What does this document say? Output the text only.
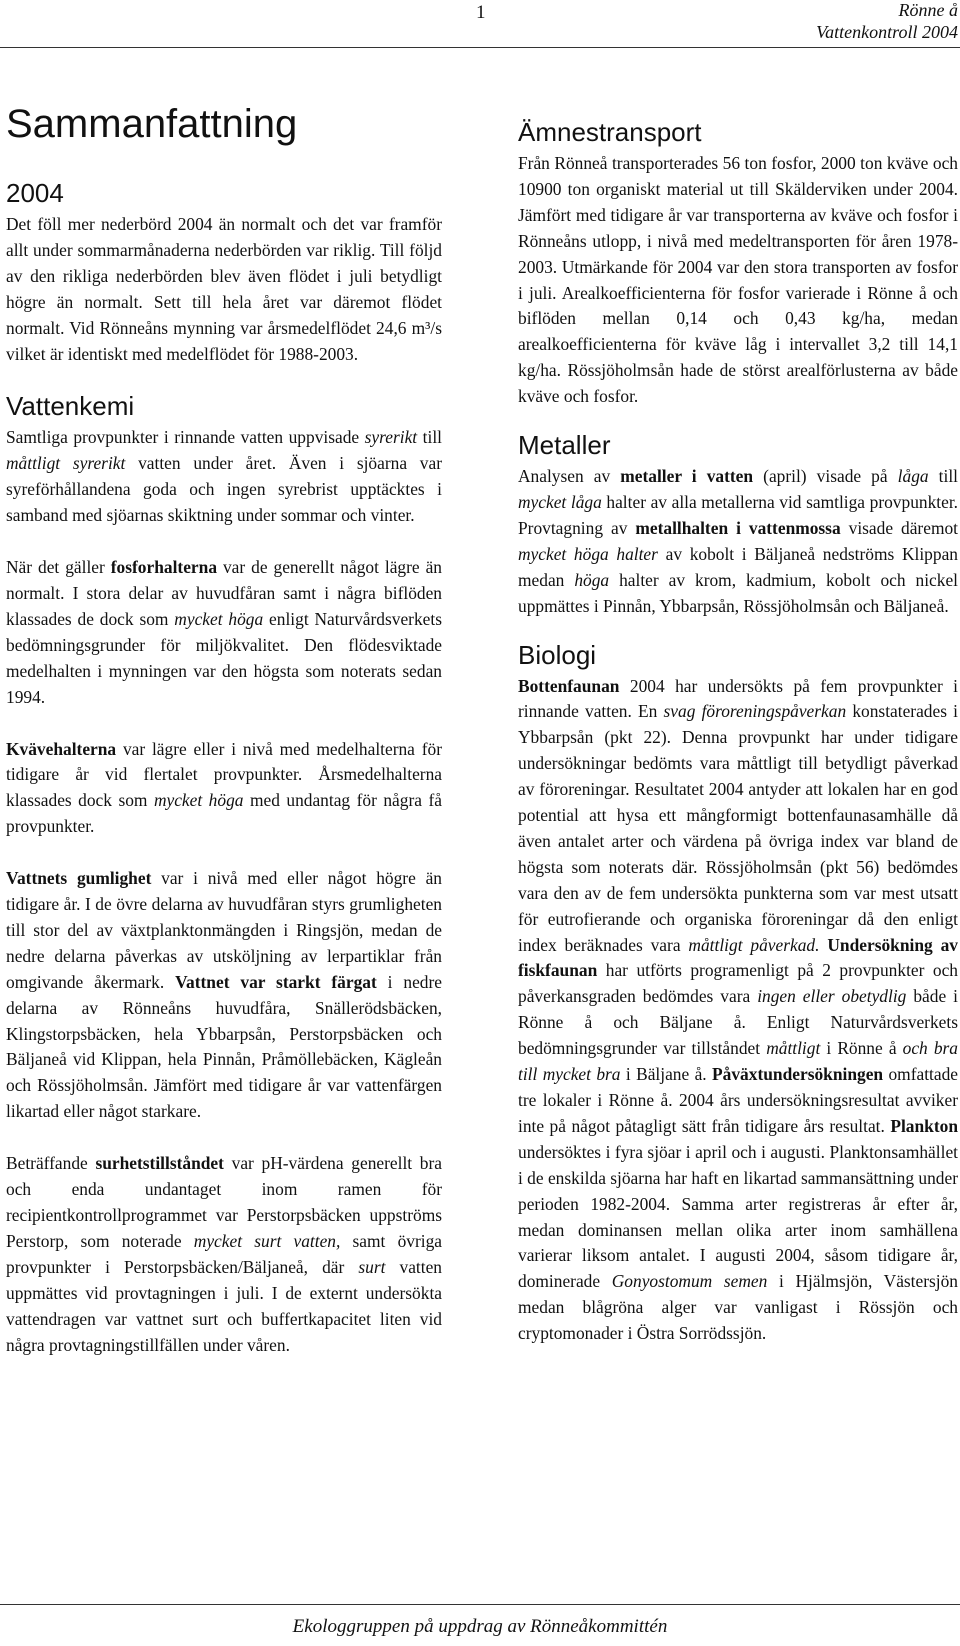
1	Rönne å
Vattenkontroll 2004
Sammanfattning
2004

Det föll mer nederbörd 2004 än normalt och det var framför allt under sommarmånaderna nederbörden var riklig. Till följd av den rikliga nederbörden blev även flödet i juli betydligt högre än normalt. Sett till hela året var däremot flödet normalt. Vid Rönneåns mynning var årsmedelflödet 24,6 m³/s vilket är identiskt med medelflödet för 1988-2003.

Vattenkemi

Samtliga provpunkter i rinnande vatten uppvisade syrerikt till måttligt syrerikt vatten under året. Även i sjöarna var syreförhållandena goda och ingen syrebrist upptäcktes i samband med sjöarnas skiktning under sommar och vinter.

När det gäller fosforhalterna var de generellt något lägre än normalt. I stora delar av huvudfåran samt i några biflöden klassades de dock som mycket höga enligt Naturvårdsverkets bedömningsgrunder för miljökvalitet. Den flödesviktade medelhalten i mynningen var den högsta som noterats sedan 1994.

Kvävehalterna var lägre eller i nivå med medelhalterna för tidigare år vid flertalet provpunkter. Årsmedelhalterna klassades dock som mycket höga med undantag för några få provpunkter.

Vattnets gumlighet var i nivå med eller något högre än tidigare år. I de övre delarna av huvudfåran styrs grumligheten till stor del av växtplanktonmängden i Ringsjön, medan de nedre delarna påverkas av utsköljning av lerpartiklar från omgivande åkermark. Vattnet var starkt färgat i nedre delarna av Rönneåns huvudfåra, Snällerödsbäcken, Klingstorpsbäcken, hela Ybbarpsån, Perstorpsbäcken och Bäljaneå vid Klippan, hela Pinnån, Pråmöllebäcken, Kägleån och Rössjöholmsån. Jämfört med tidigare år var vattenfärgen likartad eller något starkare.

Beträffande surhetstillståndet var pH-värdena generellt bra och enda undantaget inom ramen för recipientkontrollprogrammet var Perstorpsbäcken uppströms Perstorp, som noterade mycket surt vatten, samt övriga provpunkter i Perstorpsbäcken/Bäljaneå, där surt vatten uppmättes vid provtagningen i juli. I de externt undersökta vattendragen var vattnet surt och buffertkapacitet liten vid några provtagningstillfällen under våren.

Ämnestransport

Från Rönneå transporterades 56 ton fosfor, 2000 ton kväve och 10900 ton organiskt material ut till Skälderviken under 2004. Jämfört med tidigare år var transporterna av kväve och fosfor i Rönneåns utlopp, i nivå med medeltransporten för åren 1978-2003. Utmärkande för 2004 var den stora transporten av fosfor i juli. Arealkoefficienterna för fosfor varierade i Rönne å och biflöden mellan 0,14 och 0,43 kg/ha, medan arealkoefficienterna för kväve låg i intervallet 3,2 till 14,1 kg/ha. Rössjöholmsån hade de störst arealförlusterna av både kväve och fosfor.

Metaller

Analysen av metaller i vatten (april) visade på låga till mycket låga halter av alla metallerna vid samtliga provpunkter. Provtagning av metallhalten i vattenmossa visade däremot mycket höga halter av kobolt i Bäljaneå nedströms Klippan medan höga halter av krom, kadmium, kobolt och nickel uppmättes i Pinnån, Ybbarpsån, Rössjöholmsån och Bäljaneå.

Biologi

Bottenfaunan 2004 har undersökts på fem provpunkter i rinnande vatten. En svag föroreningspåverkan konstaterades i Ybbarpsån (pkt 22). Denna provpunkt har under tidigare undersökningar bedömts vara måttligt till betydligt påverkad av föroreningar. Resultatet 2004 antyder att lokalen har en god potential att hysa ett mångformigt bottenfaunasamhälle då även antalet arter och värdena på övriga index var bland de högsta som noterats där. Rössjöholmsån (pkt 56) bedömdes vara den av de fem undersökta punkterna som var mest utsatt för eutrofierande och organiska föroreningar då den enligt index beräknades vara måttligt påverkad. Undersökning av fiskfaunan har utförts programenligt på 2 provpunkter och påverkansgraden bedömdes vara ingen eller obetydlig både i Rönne å och Bäljane å. Enligt Naturvårdsverkets bedömningsgrunder var tillståndet måttligt i Rönne å och bra till mycket bra i Bäljane å. Påväxtundersökningen omfattade tre lokaler i Rönne å. 2004 års undersökningsresultat avviker inte på något påtagligt sätt från tidigare års resultat. Plankton undersöktes i fyra sjöar i april och i augusti. Planktonsamhället i de enskilda sjöarna har haft en likartad sammansättning under perioden 1982-2004. Samma arter registreras år efter år, medan dominansen mellan olika arter inom samhällena varierar liksom antalet. I augusti 2004, såsom tidigare år, dominerade Gonyostomum semen i Hjälmsjön, Västersjön medan blågröna alger var vanligast i Rössjön och cryptomonader i Östra Sorrödssjön.

Ekologgruppen på uppdrag av Rönneåkommittén
